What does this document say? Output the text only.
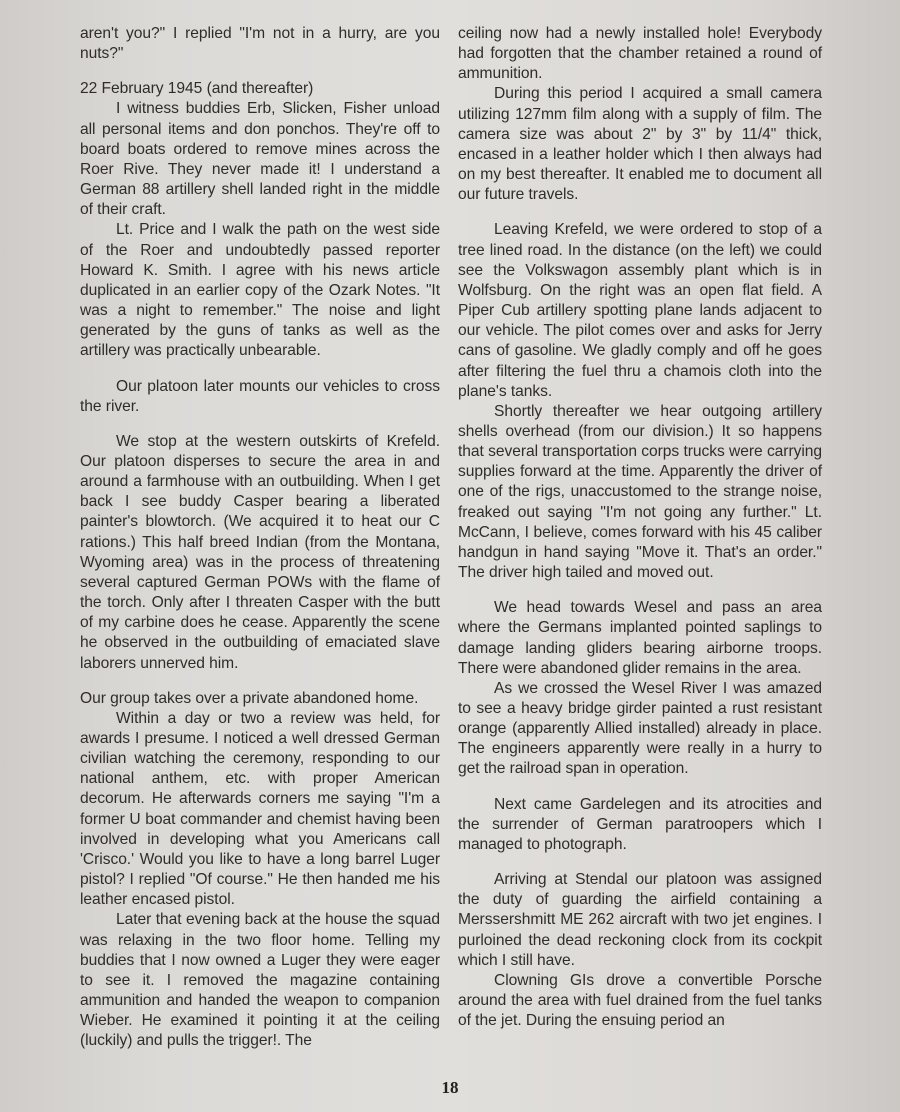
aren't you?" I replied "I'm not in a hurry, are you nuts?"

22 February 1945 (and thereafter)

I witness buddies Erb, Slicken, Fisher unload all personal items and don ponchos. They're off to board boats ordered to remove mines across the Roer Rive. They never made it! I understand a German 88 artillery shell landed right in the middle of their craft.

Lt. Price and I walk the path on the west side of the Roer and undoubtedly passed reporter Howard K. Smith. I agree with his news article duplicated in an earlier copy of the Ozark Notes. "It was a night to remember." The noise and light generated by the guns of tanks as well as the artillery was practically unbearable.

Our platoon later mounts our vehicles to cross the river.

We stop at the western outskirts of Krefeld. Our platoon disperses to secure the area in and around a farmhouse with an outbuilding. When I get back I see buddy Casper bearing a liberated painter's blowtorch. (We acquired it to heat our C rations.) This half breed Indian (from the Montana, Wyoming area) was in the process of threatening several captured German POWs with the flame of the torch. Only after I threaten Casper with the butt of my carbine does he cease. Apparently the scene he observed in the outbuilding of emaciated slave laborers unnerved him.

Our group takes over a private abandoned home.

Within a day or two a review was held, for awards I presume. I noticed a well dressed German civilian watching the ceremony, responding to our national anthem, etc. with proper American decorum. He afterwards corners me saying "I'm a former U boat commander and chemist having been involved in developing what you Americans call 'Crisco.' Would you like to have a long barrel Luger pistol? I replied "Of course." He then handed me his leather encased pistol.

Later that evening back at the house the squad was relaxing in the two floor home. Telling my buddies that I now owned a Luger they were eager to see it. I removed the magazine containing ammunition and handed the weapon to companion Wieber. He examined it pointing it at the ceiling (luckily) and pulls the trigger!. The

ceiling now had a newly installed hole! Everybody had forgotten that the chamber retained a round of ammunition.

During this period I acquired a small camera utilizing 127mm film along with a supply of film. The camera size was about 2" by 3" by 11/4" thick, encased in a leather holder which I then always had on my best thereafter. It enabled me to document all our future travels.

Leaving Krefeld, we were ordered to stop of a tree lined road. In the distance (on the left) we could see the Volkswagon assembly plant which is in Wolfsburg. On the right was an open flat field. A Piper Cub artillery spotting plane lands adjacent to our vehicle. The pilot comes over and asks for Jerry cans of gasoline. We gladly comply and off he goes after filtering the fuel thru a chamois cloth into the plane's tanks.

Shortly thereafter we hear outgoing artillery shells overhead (from our division.) It so happens that several transportation corps trucks were carrying supplies forward at the time. Apparently the driver of one of the rigs, unaccustomed to the strange noise, freaked out saying "I'm not going any further." Lt. McCann, I believe, comes forward with his 45 caliber handgun in hand saying "Move it. That's an order." The driver high tailed and moved out.

We head towards Wesel and pass an area where the Germans implanted pointed saplings to damage landing gliders bearing airborne troops. There were abandoned glider remains in the area.

As we crossed the Wesel River I was amazed to see a heavy bridge girder painted a rust resistant orange (apparently Allied installed) already in place. The engineers apparently were really in a hurry to get the railroad span in operation.

Next came Gardelegen and its atrocities and the surrender of German paratroopers which I managed to photograph.

Arriving at Stendal our platoon was assigned the duty of guarding the airfield containing a Merssershmitt ME 262 aircraft with two jet engines. I purloined the dead reckoning clock from its cockpit which I still have.

Clowning GIs drove a convertible Porsche around the area with fuel drained from the fuel tanks of the jet. During the ensuing period an

18
